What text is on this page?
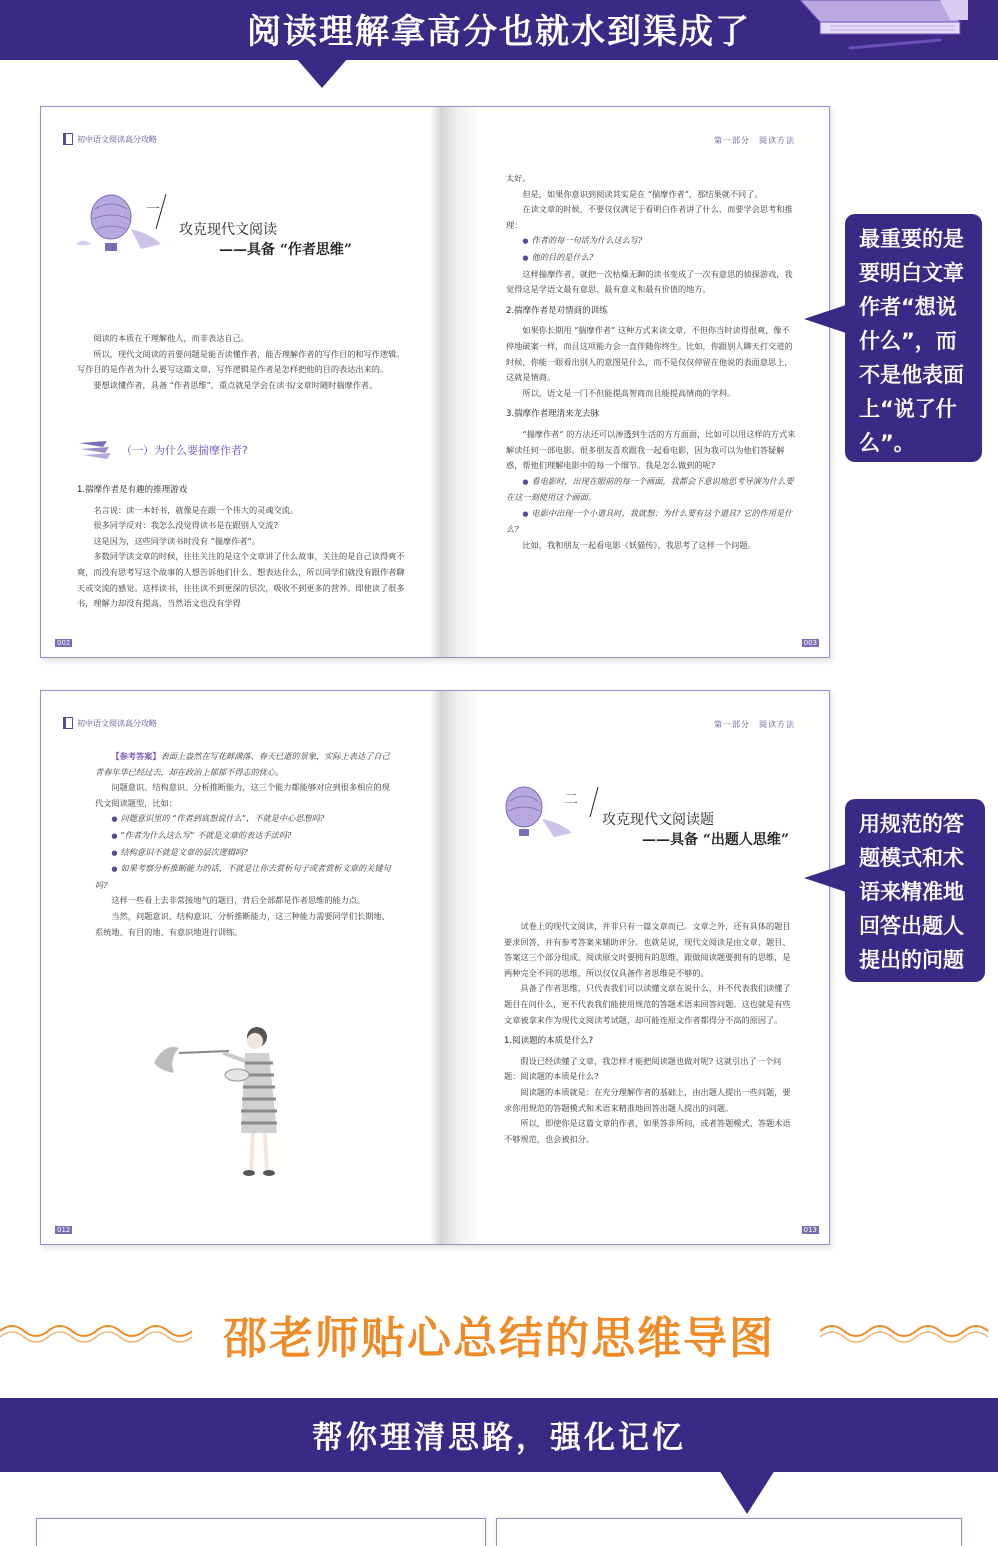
阅读理解拿高分也就水到渠成了
初中语文阅读高分攻略
一
攻克现代文阅读
——具备 “作者思维”

阅读的本质在于理解他人，而非表达自己。

所以，现代文阅读的首要问题是能否读懂作者，能否理解作者的写作目的和写作逻辑。写作目的是作者为什么要写这篇文章，写作逻辑是作者是怎样把他的目的表达出来的。

要想读懂作者，具备 “作者思维”，重点就是学会在读书/文章时随时揣摩作者。

（一）为什么要揣摩作者?
1.揣摩作者是有趣的推理游戏

名言说：读一本好书，就像是在跟一个伟大的灵魂交流。

很多同学反对：我怎么没觉得读书是在跟别人交流?

这是因为，这些同学读书时没有 “揣摩作者”。

多数同学读文章的时候，往往关注的是这个文章讲了什么故事，关注的是自己读得爽不爽，而没有思考写这个故事的人想告诉他们什么、想表达什么，所以同学们就没有跟作者聊天或交流的感觉。这样读书，往往读不到更深的层次，吸收不到更多的营养。即使读了很多书，理解力却没有提高，当然语文也没有学得

002
第一部分　阅读方法

太好。

但是，如果你意识到阅读其实是在 “揣摩作者”，那结果就不同了。

在读文章的时候，不要仅仅满足于看明白作者讲了什么，而要学会思考和推理：

● 作者的每一句话为什么这么写?

● 他的目的是什么?

这样揣摩作者，就把一次枯燥无聊的读书变成了一次有意思的侦探游戏，我觉得这是学语文最有意思、最有意义和最有价值的地方。

2.揣摩作者是对情商的训练

如果你长期用 “揣摩作者” 这种方式来读文章，不但你当时读得很爽，像不停地破案一样，而且这项能力会一直伴随你终生。比如，你跟别人聊天打交道的时候，你能一眼看出别人的意图是什么，而不是仅仅停留在他说的表面意思上，这就是情商。

所以，语文是一门不但能提高智商而且能提高情商的学科。

3.揣摩作者理清来龙去脉

“揣摩作者” 的方法还可以渗透到生活的方方面面，比如可以用这样的方式来解读任何一部电影。很多朋友喜欢跟我一起看电影，因为我可以为他们答疑解惑，帮他们理解电影中的每一个细节。我是怎么做到的呢?

● 看电影时，出现在眼前的每一个画面，我都会下意识地思考导演为什么要在这一刻使用这个画面。

● 电影中出现一个小道具时，我就想：为什么要有这个道具? 它的作用是什么?

比如，我和朋友一起看电影《妖猫传》，我思考了这样一个问题。

003
最重要的是要明白文章作者“想说什么”，而不是他表面上“说了什么”。
初中语文阅读高分攻略

【参考答案】表面上盎然在写花鲜满落、春天已逝的景象，实际上表达了自己青春年华已经过去，却在政治上郁郁不得志的忧心。

问题意识、结构意识、分析推断能力，这三个能力都能够对应到很多相应的现代文阅读题型，比如：

● 问题意识里的 “作者到底想说什么”，不就是中心思想吗?

● “作者为什么这么写” 不就是文章的表达手法吗?

● 结构意识不就是文章的层次逻辑吗?

● 如果考察分析推断能力的话，不就是让你去赏析句子或者赏析文章的关键句吗?

这样一些看上去非常接地气的题目，背后全部都是作者思维的能力点。

当然，问题意识、结构意识、分析推断能力，这三种能力需要同学们长期地、系统地、有目的地、有意识地进行训练。

012
第一部分　阅读方法
二
攻克现代文阅读题
——具备 “出题人思维”

试卷上的现代文阅读，并非只有一篇文章而已。文章之外，还有具体的题目要求回答，并有参考答案来辅助评分。也就是说，现代文阅读是由文章、题目、答案这三个部分组成。阅读原文时要拥有的思维，跟做阅读题要拥有的思维，是两种完全不同的思维，所以仅仅具备作者思维是不够的。

具备了作者思维，只代表我们可以读懂文章在说什么，并不代表我们读懂了题目在问什么，更不代表我们能使用规范的答题术语来回答问题。这也就是有些文章被拿来作为现代文阅读考试题，却可能连原文作者都得分不高的原因了。

1.阅读题的本质是什么?

假设已经读懂了文章，我怎样才能把阅读题也做对呢? 这就引出了一个问题：阅读题的本质是什么?

阅读题的本质就是：在充分理解作者的基础上，由出题人提出一些问题，要求你用规范的答题模式和术语来精准地回答出题人提出的问题。

所以，即使你是这篇文章的作者，如果答非所问，或者答题模式、答题术语不够规范，也会被扣分。

013
用规范的答题模式和术语来精准地回答出题人提出的问题
邵老师贴心总结的思维导图
帮你理清思路，强化记忆
